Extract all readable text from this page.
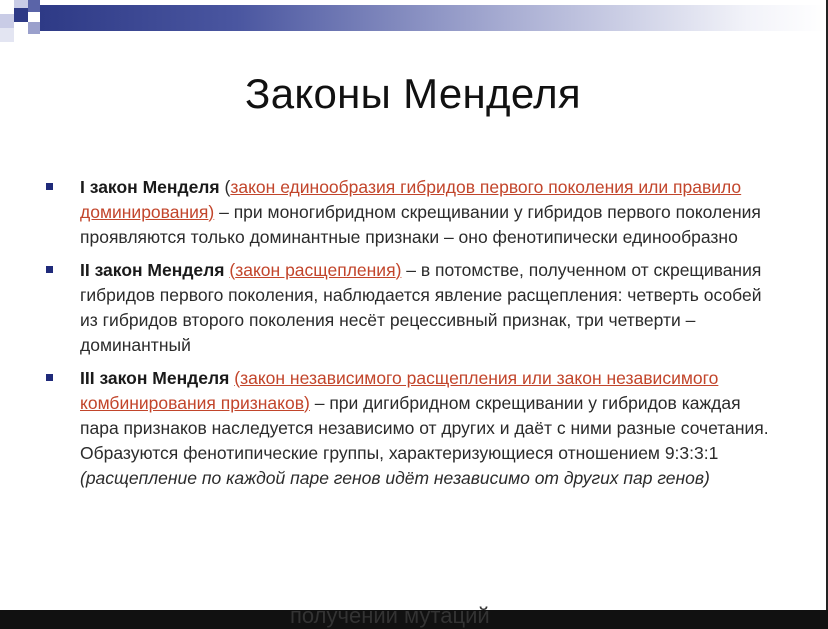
Законы Менделя
I закон Менделя (закон единообразия гибридов первого поколения или правило доминирования) – при моногибридном скрещивании у гибридов первого поколения проявляются только доминантные признаки – оно фенотипически единообразно
II закон Менделя (закон расщепления) – в потомстве, полученном от скрещивания гибридов первого поколения, наблюдается явление расщепления: четверть особей из гибридов второго поколения несёт рецессивный признак, три четверти – доминантный
III закон Менделя (закон независимого расщепления или закон независимого комбинирования признаков) – при дигибридном скрещивании у гибридов каждая пара признаков наследуется независимо от других и даёт с ними разные сочетания. Образуются фенотипические группы, характеризующиеся отношением 9:3:3:1 (расщепление по каждой паре генов идёт независимо от других пар генов)
получении мутаций
